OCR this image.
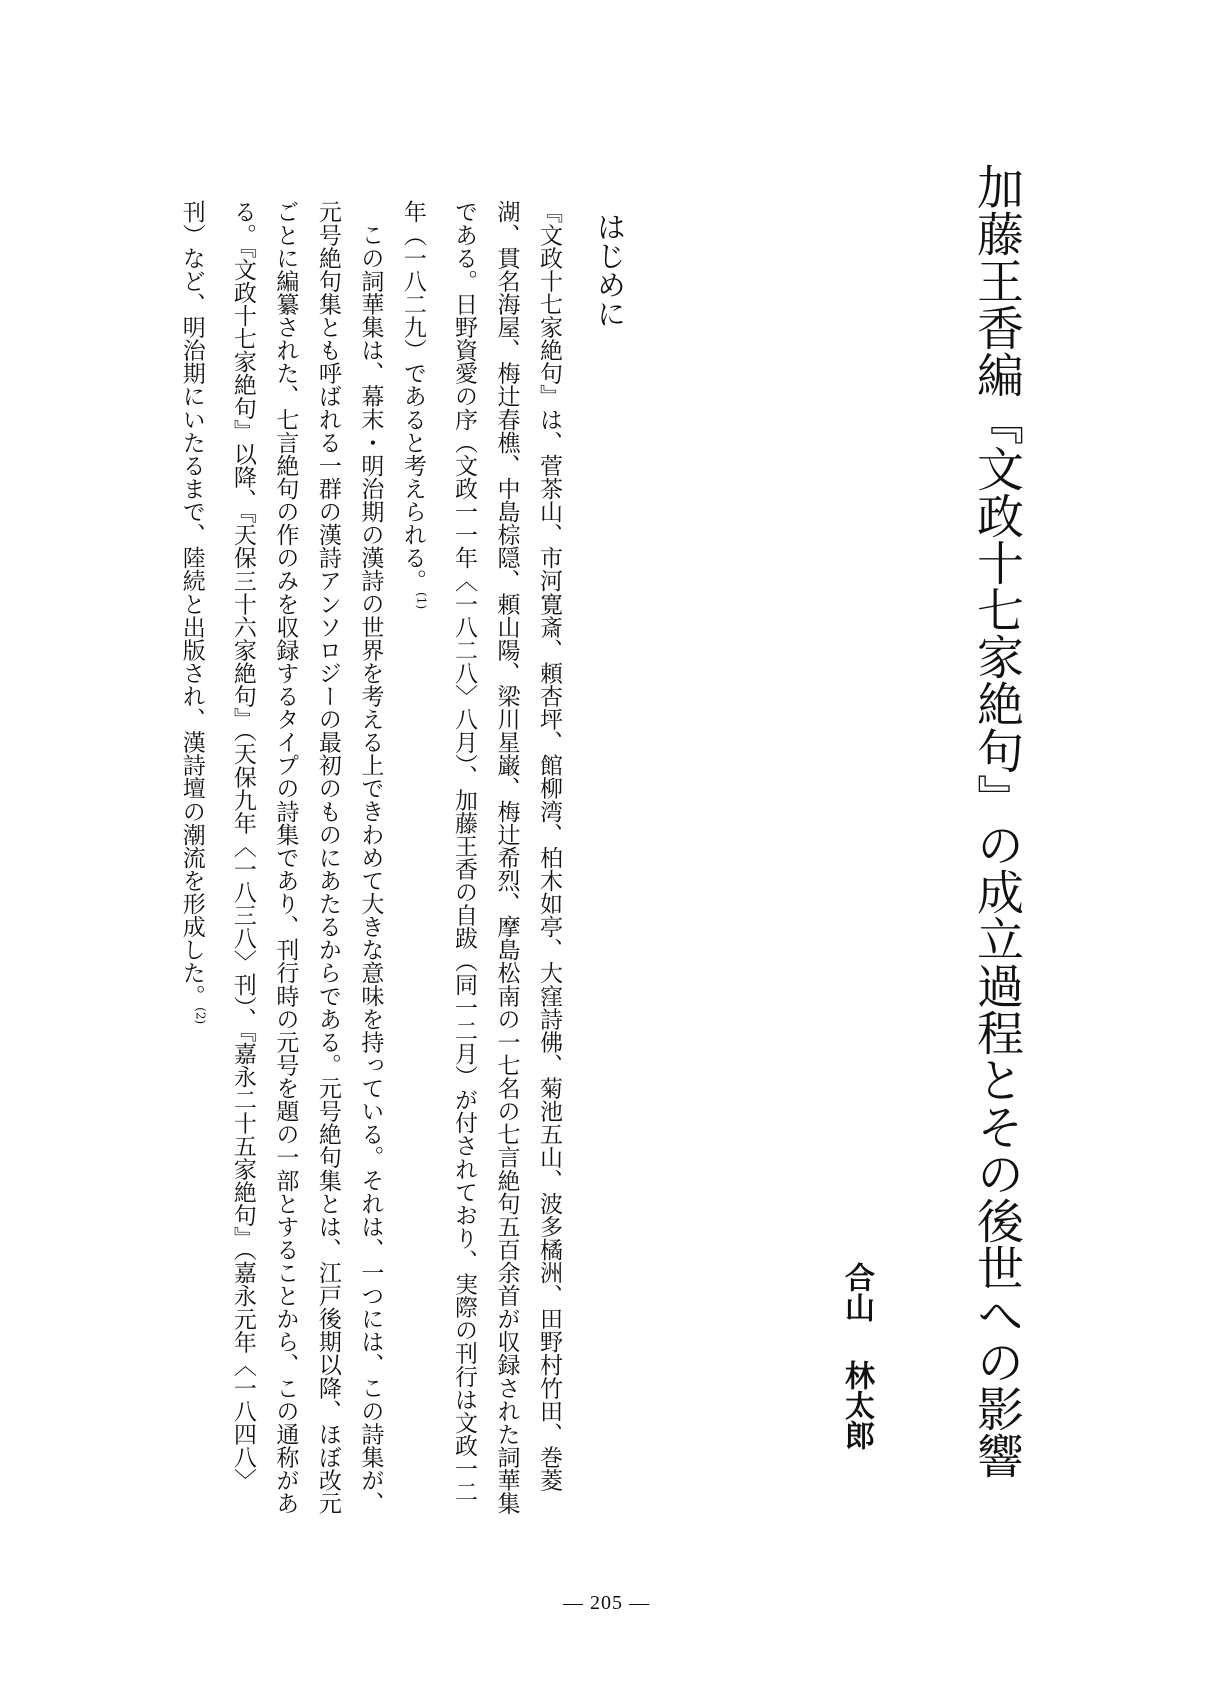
加藤王香編『文政十七家絶句』の成立過程とその後世への影響
合山林太郎
はじめに

『文政十七家絶句』は、菅茶山、市河寛斎、頼杏坪、館柳湾、柏木如亭、大窪詩佛、菊池五山、波多橘洲、田野村竹田、巻菱湖、貫名海屋、梅辻春樵、中島棕隠、頼山陽、梁川星巌、梅辻希烈、摩島松南の一七名の七言絶句五百余首が収録された詞華集である。日野資愛の序（文政一一年〈一八二八〉八月）、加藤王香の自跋（同一二月）が付されており、実際の刊行は文政一二年（一八二九）であると考えられる。$^{(1)}$

この詞華集は、幕末・明治期の漢詩の世界を考える上できわめて大きな意味を持っている。それは、一つには、この詩集が、元号絶句集とも呼ばれる一群の漢詩アンソロジーの最初のものにあたるからである。元号絶句集とは、江戸後期以降、ほぼ改元ごとに編纂された、七言絶句の作のみを収録するタイプの詩集であり、刊行時の元号を題の一部とすることから、この通称がある。『文政十七家絶句』以降、『天保三十六家絶句』（天保九年〈一八三八〉刊）、『嘉永二十五家絶句』（嘉永元年〈一八四八〉刊）など、明治期にいたるまで、陸続と出版され、漢詩壇の潮流を形成した。$^{(2)}$

— 205 —
